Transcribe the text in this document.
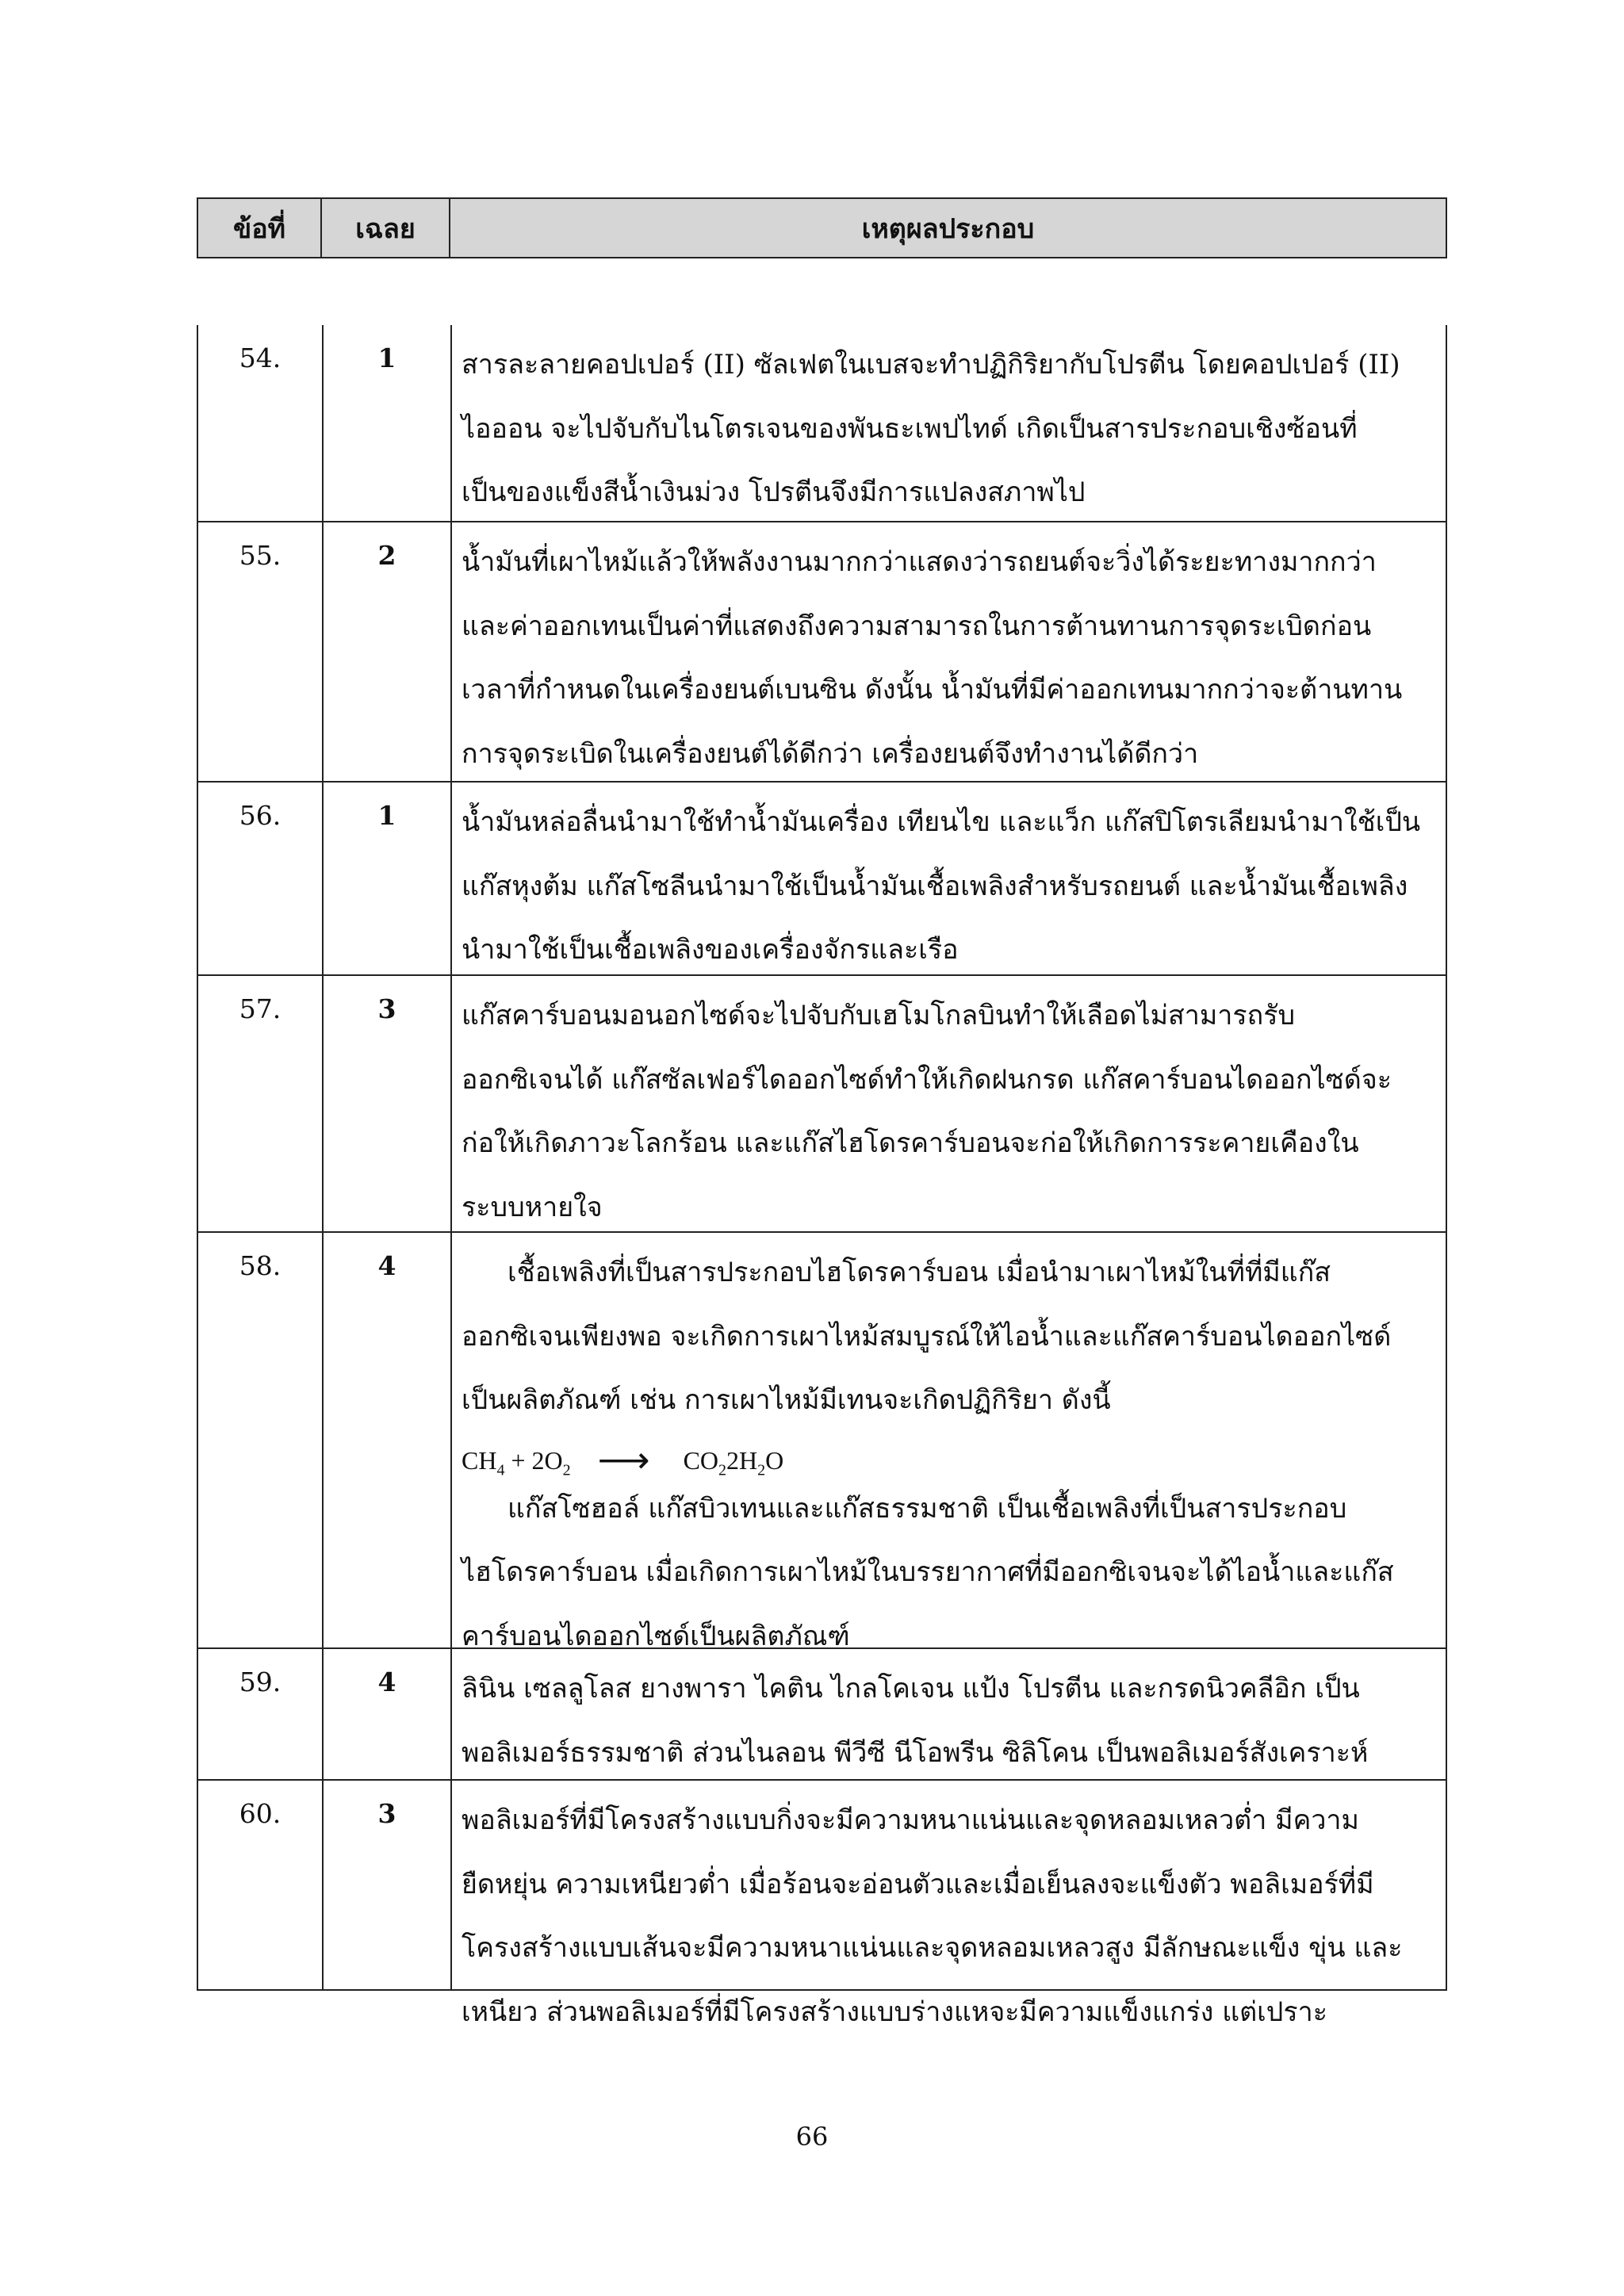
ข้อที่	เฉลย	เหตุผลประกอบ
54.	1	สารละลายคอปเปอร์ (II) ซัลเฟตในเบสจะทำปฏิกิริยากับโปรตีน โดยคอปเปอร์ (II)
ไอออน จะไปจับกับไนโตรเจนของพันธะเพปไทด์ เกิดเป็นสารประกอบเชิงซ้อนที่
เป็นของแข็งสีน้ำเงินม่วง โปรตีนจึงมีการแปลงสภาพไป
55.	2	น้ำมันที่เผาไหม้แล้วให้พลังงานมากกว่าแสดงว่ารถยนต์จะวิ่งได้ระยะทางมากกว่า
และค่าออกเทนเป็นค่าที่แสดงถึงความสามารถในการต้านทานการจุดระเบิดก่อน
เวลาที่กำหนดในเครื่องยนต์เบนซิน ดังนั้น น้ำมันที่มีค่าออกเทนมากกว่าจะต้านทาน
การจุดระเบิดในเครื่องยนต์ได้ดีกว่า เครื่องยนต์จึงทำงานได้ดีกว่า
56.	1	น้ำมันหล่อลื่นนำมาใช้ทำน้ำมันเครื่อง เทียนไข และแว็ก แก๊สปิโตรเลียมนำมาใช้เป็น
แก๊สหุงต้ม แก๊สโซลีนนำมาใช้เป็นน้ำมันเชื้อเพลิงสำหรับรถยนต์ และน้ำมันเชื้อเพลิง
นำมาใช้เป็นเชื้อเพลิงของเครื่องจักรและเรือ
57.	3	แก๊สคาร์บอนมอนอกไซด์จะไปจับกับเฮโมโกลบินทำให้เลือดไม่สามารถรับ
ออกซิเจนได้ แก๊สซัลเฟอร์ไดออกไซด์ทำให้เกิดฝนกรด แก๊สคาร์บอนไดออกไซด์จะ
ก่อให้เกิดภาวะโลกร้อน และแก๊สไฮโดรคาร์บอนจะก่อให้เกิดการระคายเคืองใน
ระบบหายใจ
58.	4	เชื้อเพลิงที่เป็นสารประกอบไฮโดรคาร์บอน เมื่อนำมาเผาไหม้ในที่ที่มีแก๊ส
ออกซิเจนเพียงพอ จะเกิดการเผาไหม้สมบูรณ์ให้ไอน้ำและแก๊สคาร์บอนไดออกไซด์
เป็นผลิตภัณฑ์ เช่น การเผาไหม้มีเทนจะเกิดปฏิกิริยา ดังนี้
$CH_4 + 2O_2$ ⟶ $CO_22H_2O$
แก๊สโซฮอล์ แก๊สบิวเทนและแก๊สธรรมชาติ เป็นเชื้อเพลิงที่เป็นสารประกอบ
ไฮโดรคาร์บอน เมื่อเกิดการเผาไหม้ในบรรยากาศที่มีออกซิเจนจะได้ไอน้ำและแก๊ส
คาร์บอนไดออกไซด์เป็นผลิตภัณฑ์
59.	4	ลินิน เซลลูโลส ยางพารา ไคติน ไกลโคเจน แป้ง โปรตีน และกรดนิวคลีอิก เป็น
พอลิเมอร์ธรรมชาติ ส่วนไนลอน พีวีซี นีโอพรีน ซิลิโคน เป็นพอลิเมอร์สังเคราะห์
60.	3	พอลิเมอร์ที่มีโครงสร้างแบบกิ่งจะมีความหนาแน่นและจุดหลอมเหลวต่ำ มีความ
ยืดหยุ่น ความเหนียวต่ำ เมื่อร้อนจะอ่อนตัวและเมื่อเย็นลงจะแข็งตัว พอลิเมอร์ที่มี
โครงสร้างแบบเส้นจะมีความหนาแน่นและจุดหลอมเหลวสูง มีลักษณะแข็ง ขุ่น และ
เหนียว ส่วนพอลิเมอร์ที่มีโครงสร้างแบบร่างแหจะมีความแข็งแกร่ง แต่เปราะ
66
